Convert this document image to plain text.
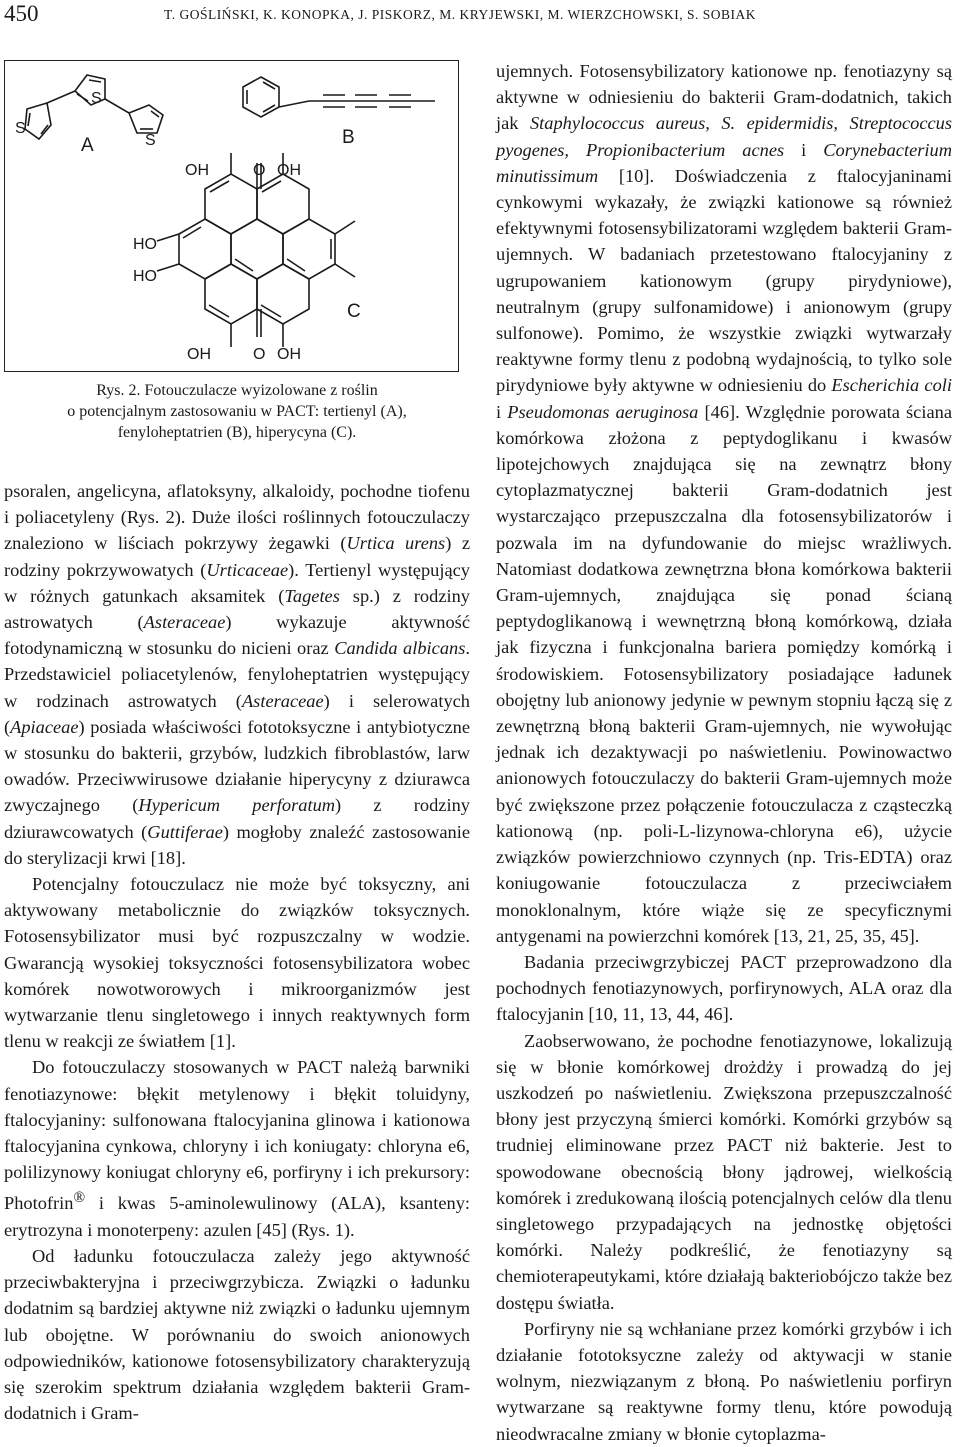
450	T. GOŚLIŃSKI, K. KONOPKA, J. PISKORZ, M. KRYJEWSKI, M. WIERZCHOWSKI, S. SOBIAK
S
S
S
A	B
OH	O OH
HO
HO
OH	O OH
C
Rys. 2. Fotouczulacze wyizolowane z roślin
o potencjalnym zastosowaniu w PACT: tertienyl (A),
fenyloheptatrien (B), hiperycyna (C).

psoralen, angelicyna, aflatoksyny, alkaloidy, pochodne tiofenu i poliacetyleny (Rys. 2). Duże ilości roślinnych fotouczulaczy znaleziono w liściach pokrzywy żegawki (Urtica urens) z rodziny pokrzywowatych (Urticaceae). Tertienyl występujący w różnych gatunkach aksamitek (Tagetes sp.) z rodziny astrowatych (Asteraceae) wykazuje aktywność fotodynamiczną w stosunku do nicieni oraz Candida albicans. Przedstawiciel poliacetylenów, fenyloheptatrien występujący w rodzinach astrowatych (Asteraceae) i selerowatych (Apiaceae) posiada właściwości fototoksyczne i antybiotyczne w stosunku do bakterii, grzybów, ludzkich fibroblastów, larw owadów. Przeciwwirusowe działanie hiperycyny z dziurawca zwyczajnego (Hypericum perforatum) z rodziny dziurawcowatych (Guttiferae) mogłoby znaleźć zastosowanie do sterylizacji krwi [18].

Potencjalny fotouczulacz nie może być toksyczny, ani aktywowany metabolicznie do związków toksycznych. Fotosensybilizator musi być rozpuszczalny w wodzie. Gwarancją wysokiej toksyczności fotosensybilizatora wobec komórek nowotworowych i mikroorganizmów jest wytwarzanie tlenu singletowego i innych reaktywnych form tlenu w reakcji ze światłem [1].

Do fotouczulaczy stosowanych w PACT należą barwniki fenotiazynowe: błękit metylenowy i błękit toluidyny, ftalocyjaniny: sulfonowana ftalocyjanina glinowa i kationowa ftalocyjanina cynkowa, chloryny i ich koniugaty: chloryna e6, polilizynowy koniugat chloryny e6, porfiryny i ich prekursory: Photofrin® i kwas 5-aminolewulinowy (ALA), ksanteny: erytrozyna i monoterpeny: azulen [45] (Rys. 1).

Od ładunku fotouczulacza zależy jego aktywność przeciwbakteryjna i przeciwgrzybicza. Związki o ładunku dodatnim są bardziej aktywne niż związki o ładunku ujemnym lub obojętne. W porównaniu do swoich anionowych odpowiedników, kationowe fotosensybilizatory charakteryzują się szerokim spektrum działania względem bakterii Gram-dodatnich i Gram-

ujemnych. Fotosensybilizatory kationowe np. fenotiazyny są aktywne w odniesieniu do bakterii Gram-dodatnich, takich jak Staphylococcus aureus, S. epidermidis, Streptococcus pyogenes, Propionibacterium acnes i Corynebacterium minutissimum [10]. Doświadczenia z ftalocyjaninami cynkowymi wykazały, że związki kationowe są również efektywnymi fotosensybilizatorami względem bakterii Gram-ujemnych. W badaniach przetestowano ftalocyjaniny z ugrupowaniem kationowym (grupy pirydyniowe), neutralnym (grupy sulfonamidowe) i anionowym (grupy sulfonowe). Pomimo, że wszystkie związki wytwarzały reaktywne formy tlenu z podobną wydajnością, to tylko sole pirydyniowe były aktywne w odniesieniu do Escherichia coli i Pseudomonas aeruginosa [46]. Względnie porowata ściana komórkowa złożona z peptydoglikanu i kwasów lipotejchowych znajdująca się na zewnątrz błony cytoplazmatycznej bakterii Gram-dodatnich jest wystarczająco przepuszczalna dla fotosensybilizatorów i pozwala im na dyfundowanie do miejsc wrażliwych. Natomiast dodatkowa zewnętrzna błona komórkowa bakterii Gram-ujemnych, znajdująca się ponad ścianą peptydoglikanową i wewnętrzną błoną komórkową, działa jak fizyczna i funkcjonalna bariera pomiędzy komórką i środowiskiem. Fotosensybilizatory posiadające ładunek obojętny lub anionowy jedynie w pewnym stopniu łączą się z zewnętrzną błoną bakterii Gram-ujemnych, nie wywołując jednak ich dezaktywacji po naświetleniu. Powinowactwo anionowych fotouczulaczy do bakterii Gram-ujemnych może być zwiększone przez połączenie fotouczulacza z cząsteczką kationową (np. poli-L-lizynowa-chloryna e6), użycie związków powierzchniowo czynnych (np. Tris-EDTA) oraz koniugowanie fotouczulacza z przeciwciałem monoklonalnym, które wiąże się ze specyficznymi antygenami na powierzchni komórek [13, 21, 25, 35, 45].

Badania przeciwgrzybiczej PACT przeprowadzono dla pochodnych fenotiazynowych, porfirynowych, ALA oraz dla ftalocyjanin [10, 11, 13, 44, 46].

Zaobserwowano, że pochodne fenotiazynowe, lokalizują się w błonie komórkowej drożdży i prowadzą do jej uszkodzeń po naświetleniu. Zwiększona przepuszczalność błony jest przyczyną śmierci komórki. Komórki grzybów są trudniej eliminowane przez PACT niż bakterie. Jest to spowodowane obecnością błony jądrowej, wielkością komórek i zredukowaną ilością potencjalnych celów dla tlenu singletowego przypadających na jednostkę objętości komórki. Należy podkreślić, że fenotiazyny są chemioterapeutykami, które działają bakteriobójczo także bez dostępu światła.

Porfiryny nie są wchłaniane przez komórki grzybów i ich działanie fototoksyczne zależy od aktywacji w stanie wolnym, niezwiązanym z błoną. Po naświetleniu porfiryn wytwarzane są reaktywne formy tlenu, które powodują nieodwracalne zmiany w błonie cytoplazma-
